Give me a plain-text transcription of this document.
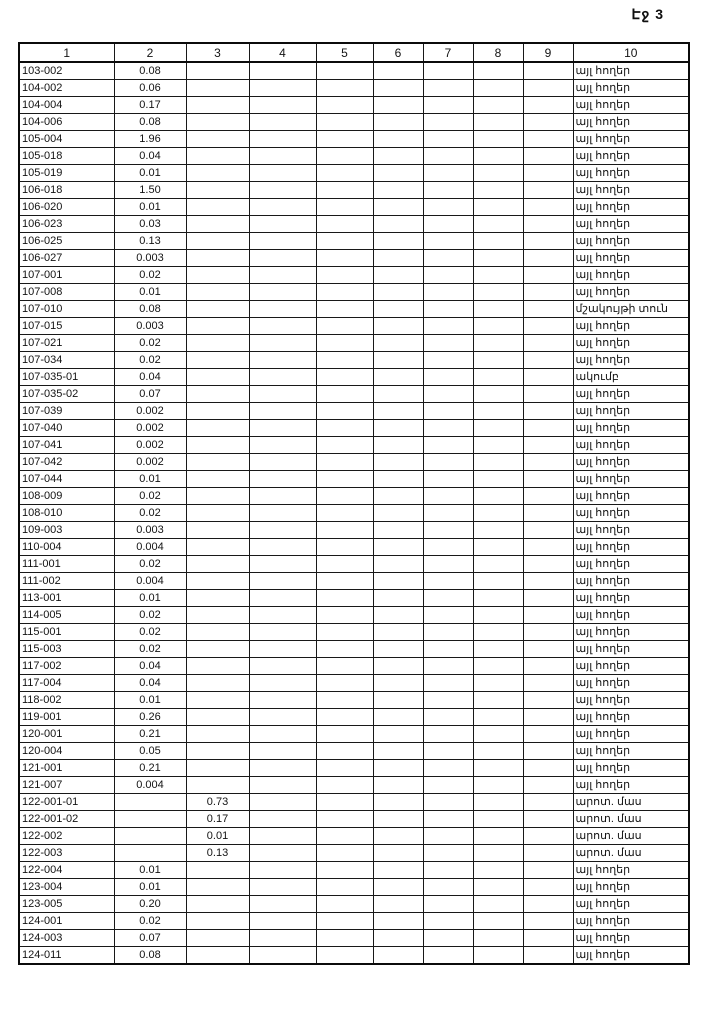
Էջ 3
1	2	3	4	5	6	7	8	9	10
103-002	0.08								այլ հողեր
104-002	0.06								այլ հողեր
104-004	0.17								այլ հողեր
104-006	0.08								այլ հողեր
105-004	1.96								այլ հողեր
105-018	0.04								այլ հողեր
105-019	0.01								այլ հողեր
106-018	1.50								այլ հողեր
106-020	0.01								այլ հողեր
106-023	0.03								այլ հողեր
106-025	0.13								այլ հողեր
106-027	0.003								այլ հողեր
107-001	0.02								այլ հողեր
107-008	0.01								այլ հողեր
107-010	0.08								մշակույթի տուն
107-015	0.003								այլ հողեր
107-021	0.02								այլ հողեր
107-034	0.02								այլ հողեր
107-035-01	0.04								ակումբ
107-035-02	0.07								այլ հողեր
107-039	0.002								այլ հողեր
107-040	0.002								այլ հողեր
107-041	0.002								այլ հողեր
107-042	0.002								այլ հողեր
107-044	0.01								այլ հողեր
108-009	0.02								այլ հողեր
108-010	0.02								այլ հողեր
109-003	0.003								այլ հողեր
110-004	0.004								այլ հողեր
111-001	0.02								այլ հողեր
111-002	0.004								այլ հողեր
113-001	0.01								այլ հողեր
114-005	0.02								այլ հողեր
115-001	0.02								այլ հողեր
115-003	0.02								այլ հողեր
117-002	0.04								այլ հողեր
117-004	0.04								այլ հողեր
118-002	0.01								այլ հողեր
119-001	0.26								այլ հողեր
120-001	0.21								այլ հողեր
120-004	0.05								այլ հողեր
121-001	0.21								այլ հողեր
121-007	0.004								այլ հողեր
122-001-01		0.73							արոտ. մաս
122-001-02		0.17							արոտ. մաս
122-002		0.01							արոտ. մաս
122-003		0.13							արոտ. մաս
122-004	0.01								այլ հողեր
123-004	0.01								այլ հողեր
123-005	0.20								այլ հողեր
124-001	0.02								այլ հողեր
124-003	0.07								այլ հողեր
124-011	0.08								այլ հողեր
